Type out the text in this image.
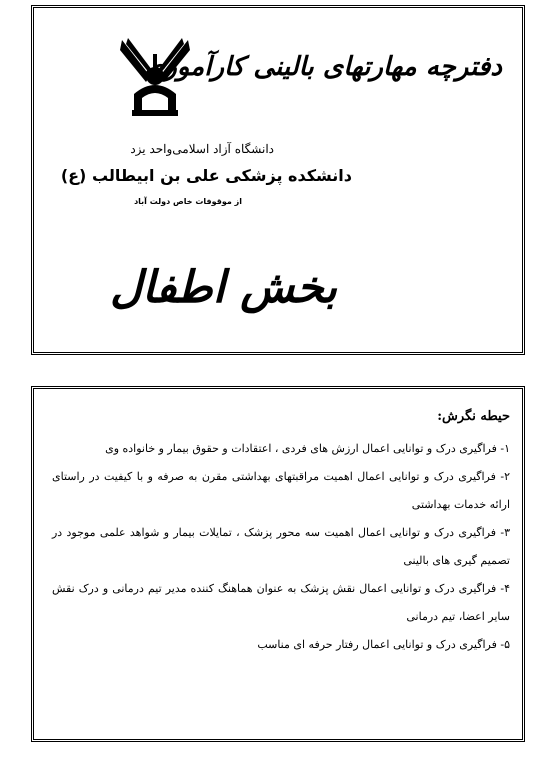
دفترچه مهارتهای بالینی کارآموزی
دانشگاه آزاد اسلامی‌واحد یزد
دانشکده پزشکی علی بن ابیطالب (ع)
از موقوفات خاص دولت آباد
بخش اطفال
حیطه نگرش:

۱- فراگیری درک و توانایی اعمال ارزش های فردی ، اعتقادات و حقوق بیمار و خانواده وی

۲- فراگیری درک و توانایی اعمال اهمیت مراقبتهای بهداشتی مقرن به صرفه و با کیفیت در راستای ارائه خدمات بهداشتی

۳- فراگیری درک و توانایی اعمال اهمیت سه محور پزشک ، تمایلات بیمار و شواهد علمی موجود در تصمیم گیری های بالینی

۴- فراگیری درک و توانایی اعمال نقش پزشک به عنوان هماهنگ کننده مدیر تیم درمانی و درک نقش سایر اعضا، تیم درمانی

۵- فراگیری درک و توانایی اعمال رفتار حرفه ای مناسب
